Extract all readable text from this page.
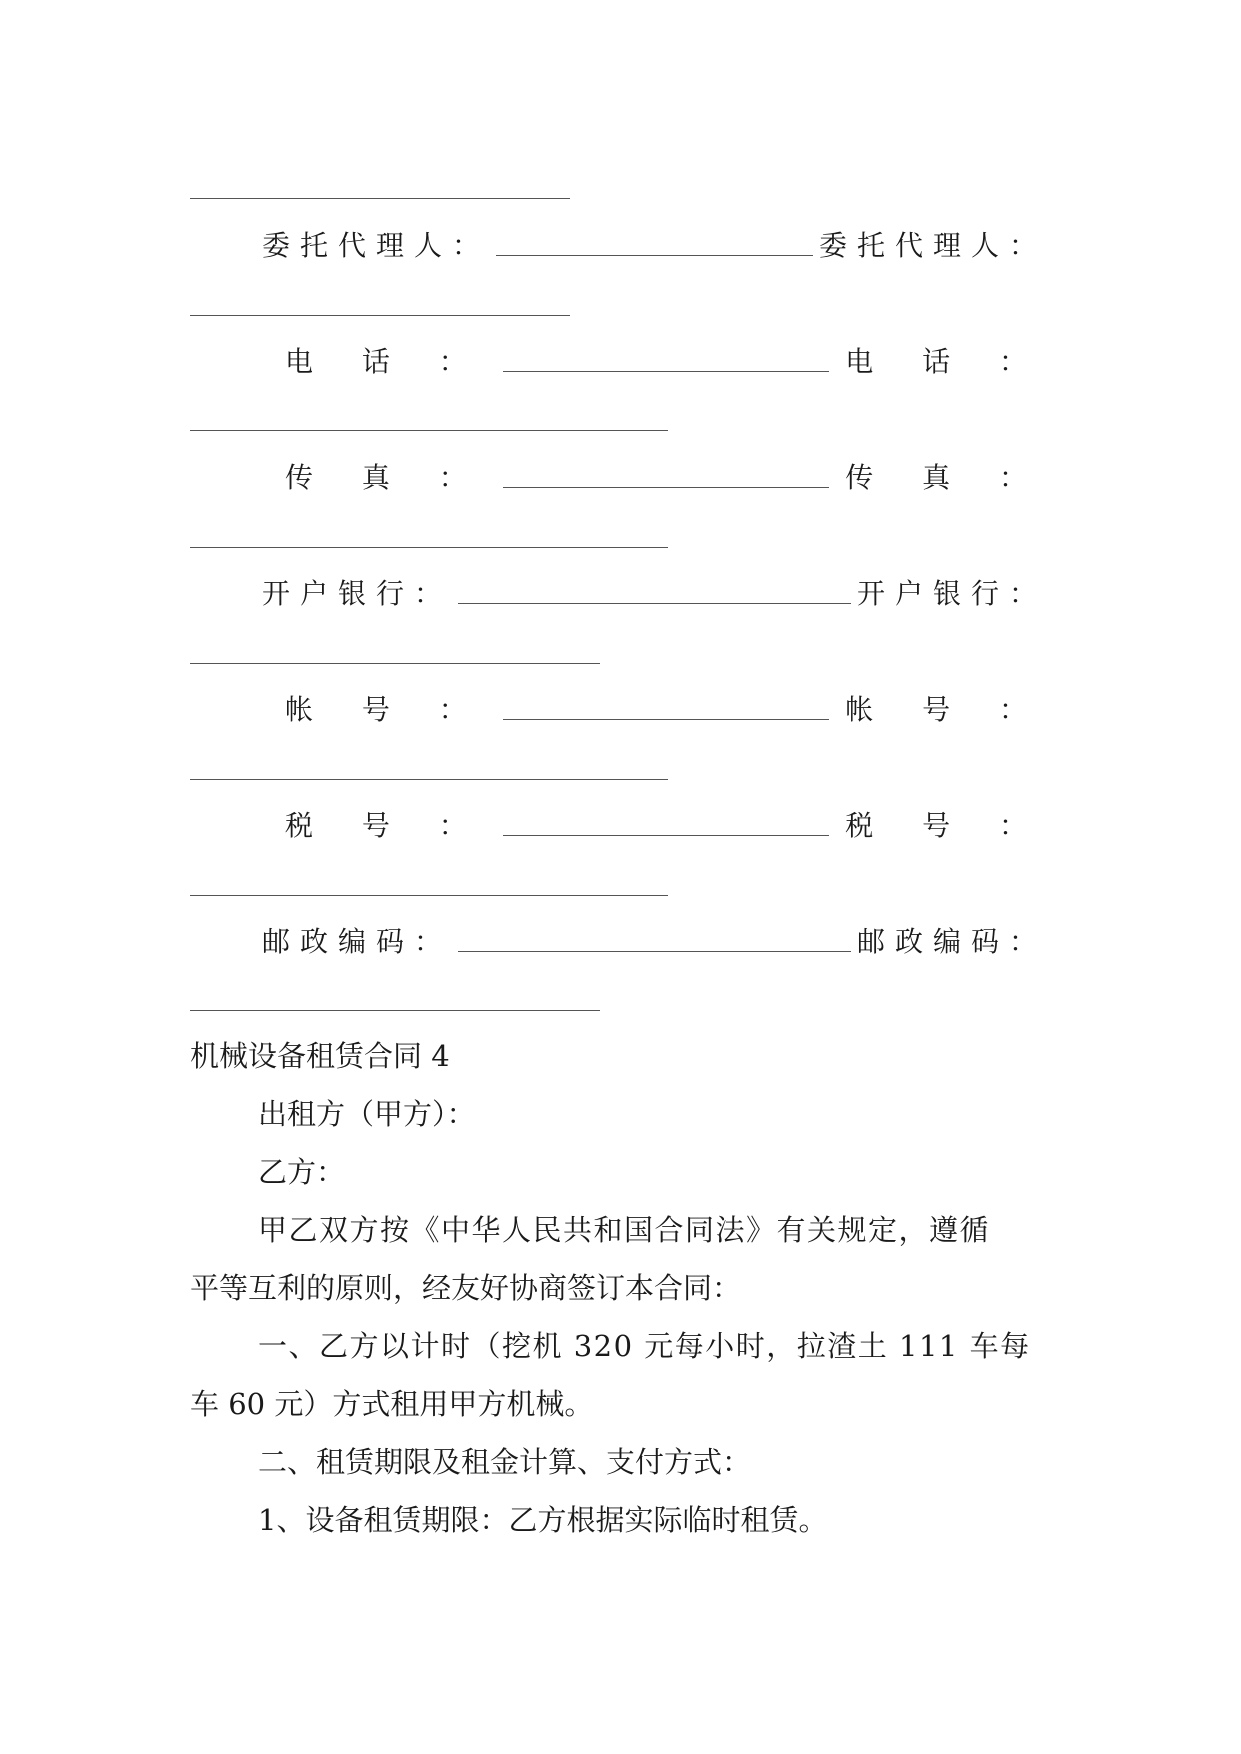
委托代理人：	委托代理人：
电 话 ：	电 话 ：
传 真 ：	传 真 ：
开户银行：	开户银行：
帐 号 ：	帐 号 ：
税 号 ：	税 号 ：
邮政编码：	邮政编码：
机械设备租赁合同 4
出租方（甲方）：
乙方：
甲乙双方按《中华人民共和国合同法》有关规定，遵循
平等互利的原则，经友好协商签订本合同：
一、乙方以计时（挖机 320 元每小时，拉渣土 111 车每
车 60 元）方式租用甲方机械。
二、租赁期限及租金计算、支付方式：
1、设备租赁期限：乙方根据实际临时租赁。
